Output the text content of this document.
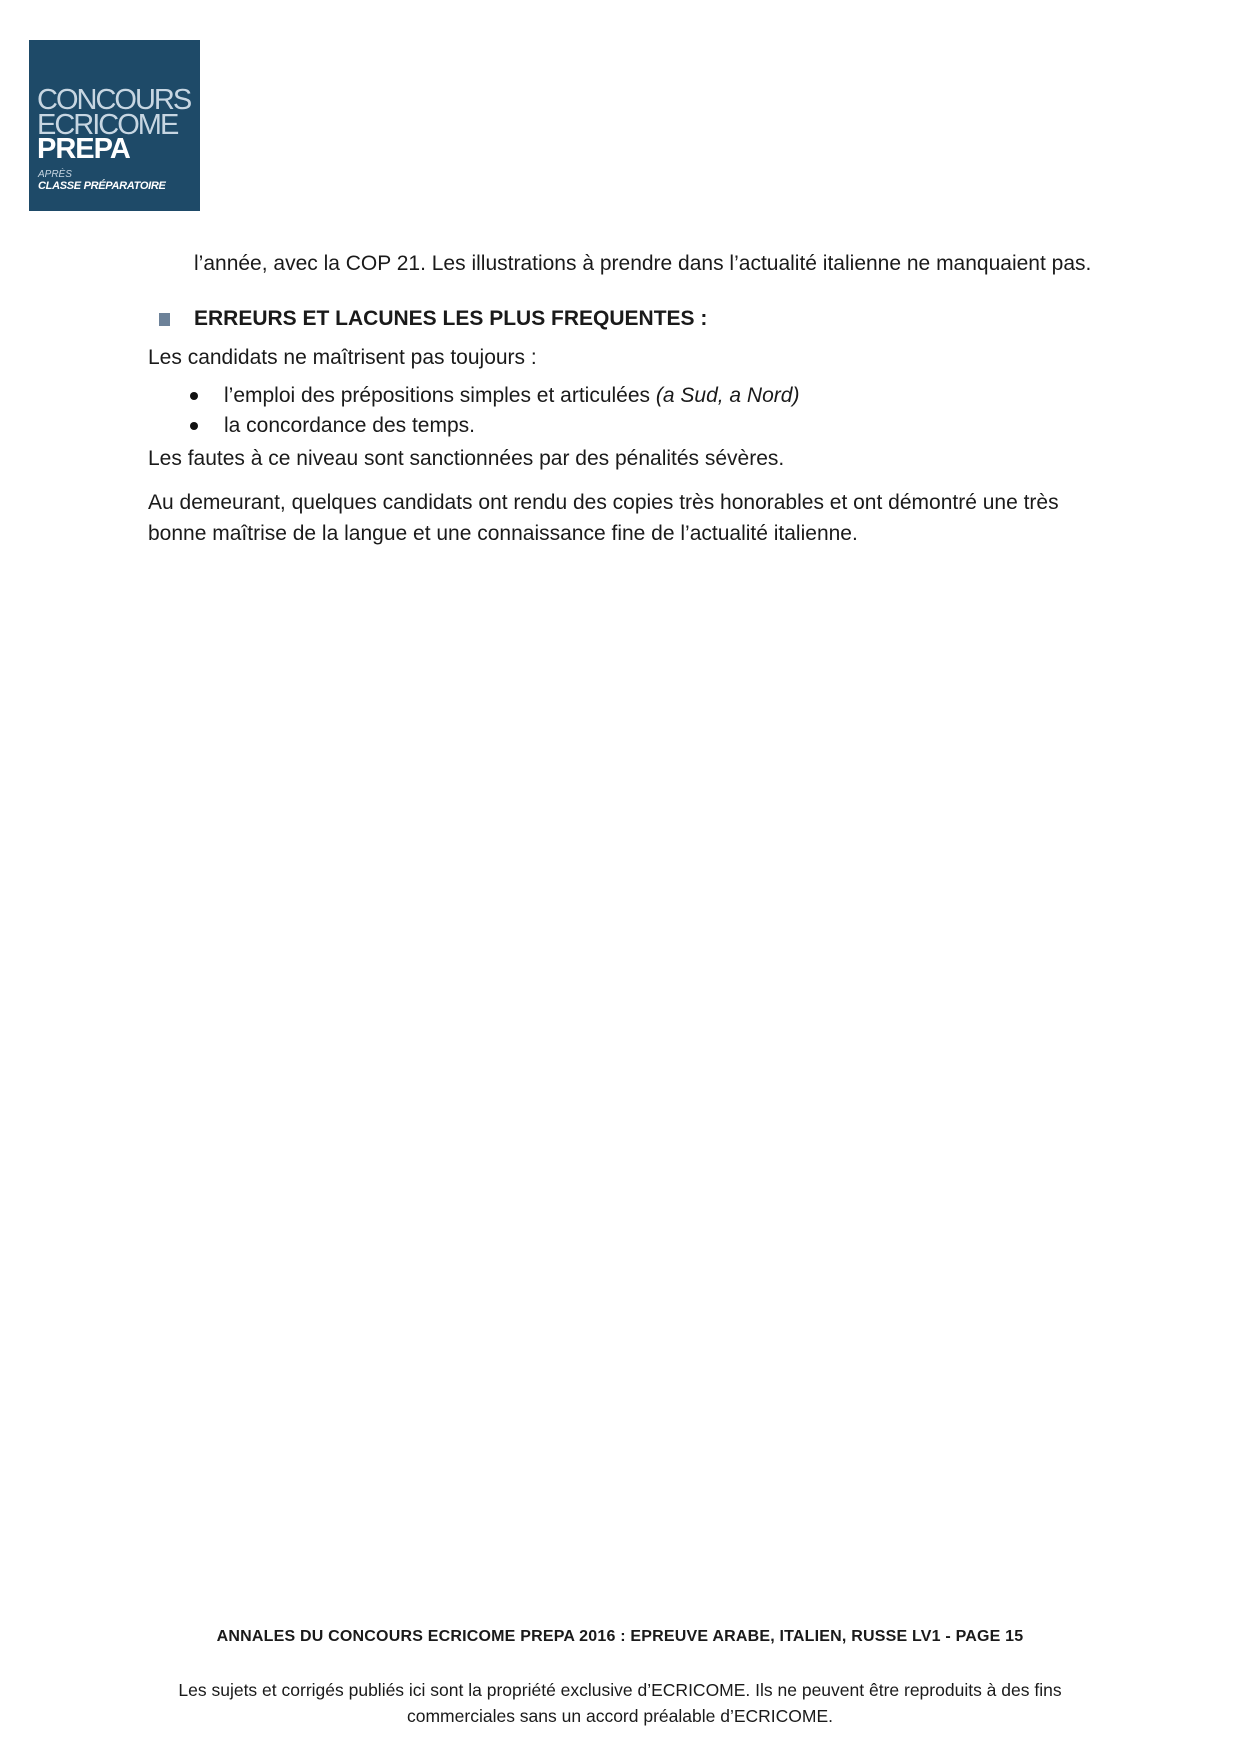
CONCOURS
ECRICOME
PREPA
APRÈS
CLASSE PRÉPARATOIRE

l’année, avec la COP 21. Les illustrations à prendre dans l’actualité italienne ne manquaient pas.

ERREURS ET LACUNES LES PLUS FREQUENTES :

Les candidats ne maîtrisent pas toujours :

l’emploi des prépositions simples et articulées (a Sud, a Nord)
la concordance des temps.

Les fautes à ce niveau sont sanctionnées par des pénalités sévères.

Au demeurant, quelques candidats ont rendu des copies très honorables et ont démontré une très bonne maîtrise de la langue et une connaissance fine de l’actualité italienne.

ANNALES DU CONCOURS ECRICOME PREPA 2016 : EPREUVE ARABE, ITALIEN, RUSSE LV1 - PAGE 15
Les sujets et corrigés publiés ici sont la propriété exclusive d’ECRICOME. Ils ne peuvent être reproduits à des fins commerciales sans un accord préalable d’ECRICOME.
